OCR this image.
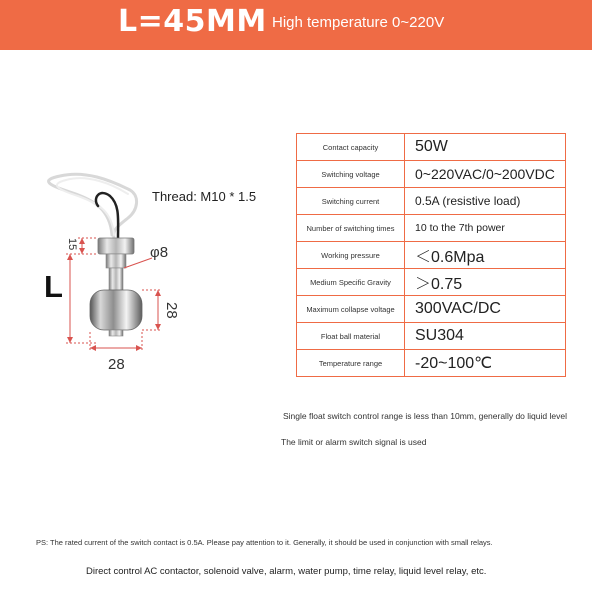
L=45MM High temperature 0~220V
Thread: M10 * 1.5
15	φ8
28
28
L
Contact capacity	50W
Switching voltage	0~220VAC/0~200VDC
Switching current	0.5A (resistive load)
Number of switching times	10 to the 7th power
Working pressure	＜0.6Mpa
Medium Specific Gravity	＞0.75
Maximum collapse voltage	300VAC/DC
Float ball material	SU304
Temperature range	-20~100℃
Single float switch control range is less than 10mm, generally do liquid level
The limit or alarm switch signal is used
PS: The rated current of the switch contact is 0.5A. Please pay attention to it. Generally, it should be used in conjunction with small relays.
Direct control AC contactor, solenoid valve, alarm, water pump, time relay, liquid level relay, etc.
